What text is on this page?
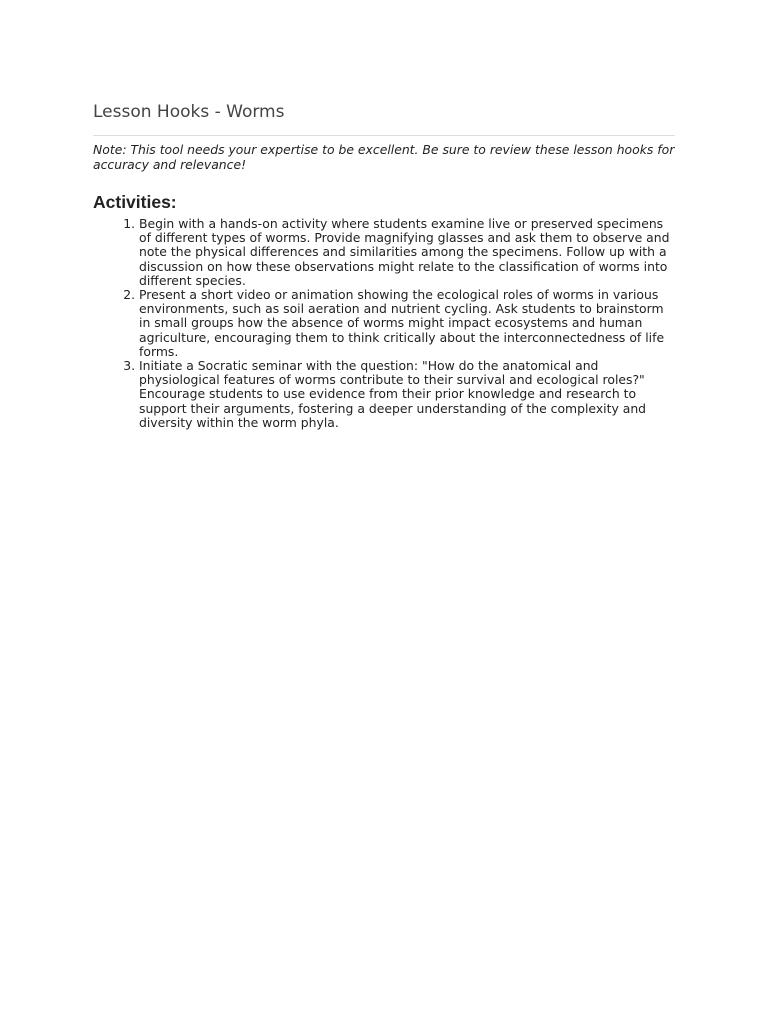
Lesson Hooks - Worms

Note: This tool needs your expertise to be excellent. Be sure to review these lesson hooks for accuracy and relevance!

Activities:
1. Begin with a hands-on activity where students examine live or preserved specimens of different types of worms. Provide magnifying glasses and ask them to observe and note the physical differences and similarities among the specimens. Follow up with a discussion on how these observations might relate to the classification of worms into different species.
2. Present a short video or animation showing the ecological roles of worms in various environments, such as soil aeration and nutrient cycling. Ask students to brainstorm in small groups how the absence of worms might impact ecosystems and human agriculture, encouraging them to think critically about the interconnectedness of life forms.
3. Initiate a Socratic seminar with the question: "How do the anatomical and physiological features of worms contribute to their survival and ecological roles?" Encourage students to use evidence from their prior knowledge and research to support their arguments, fostering a deeper understanding of the complexity and diversity within the worm phyla.
